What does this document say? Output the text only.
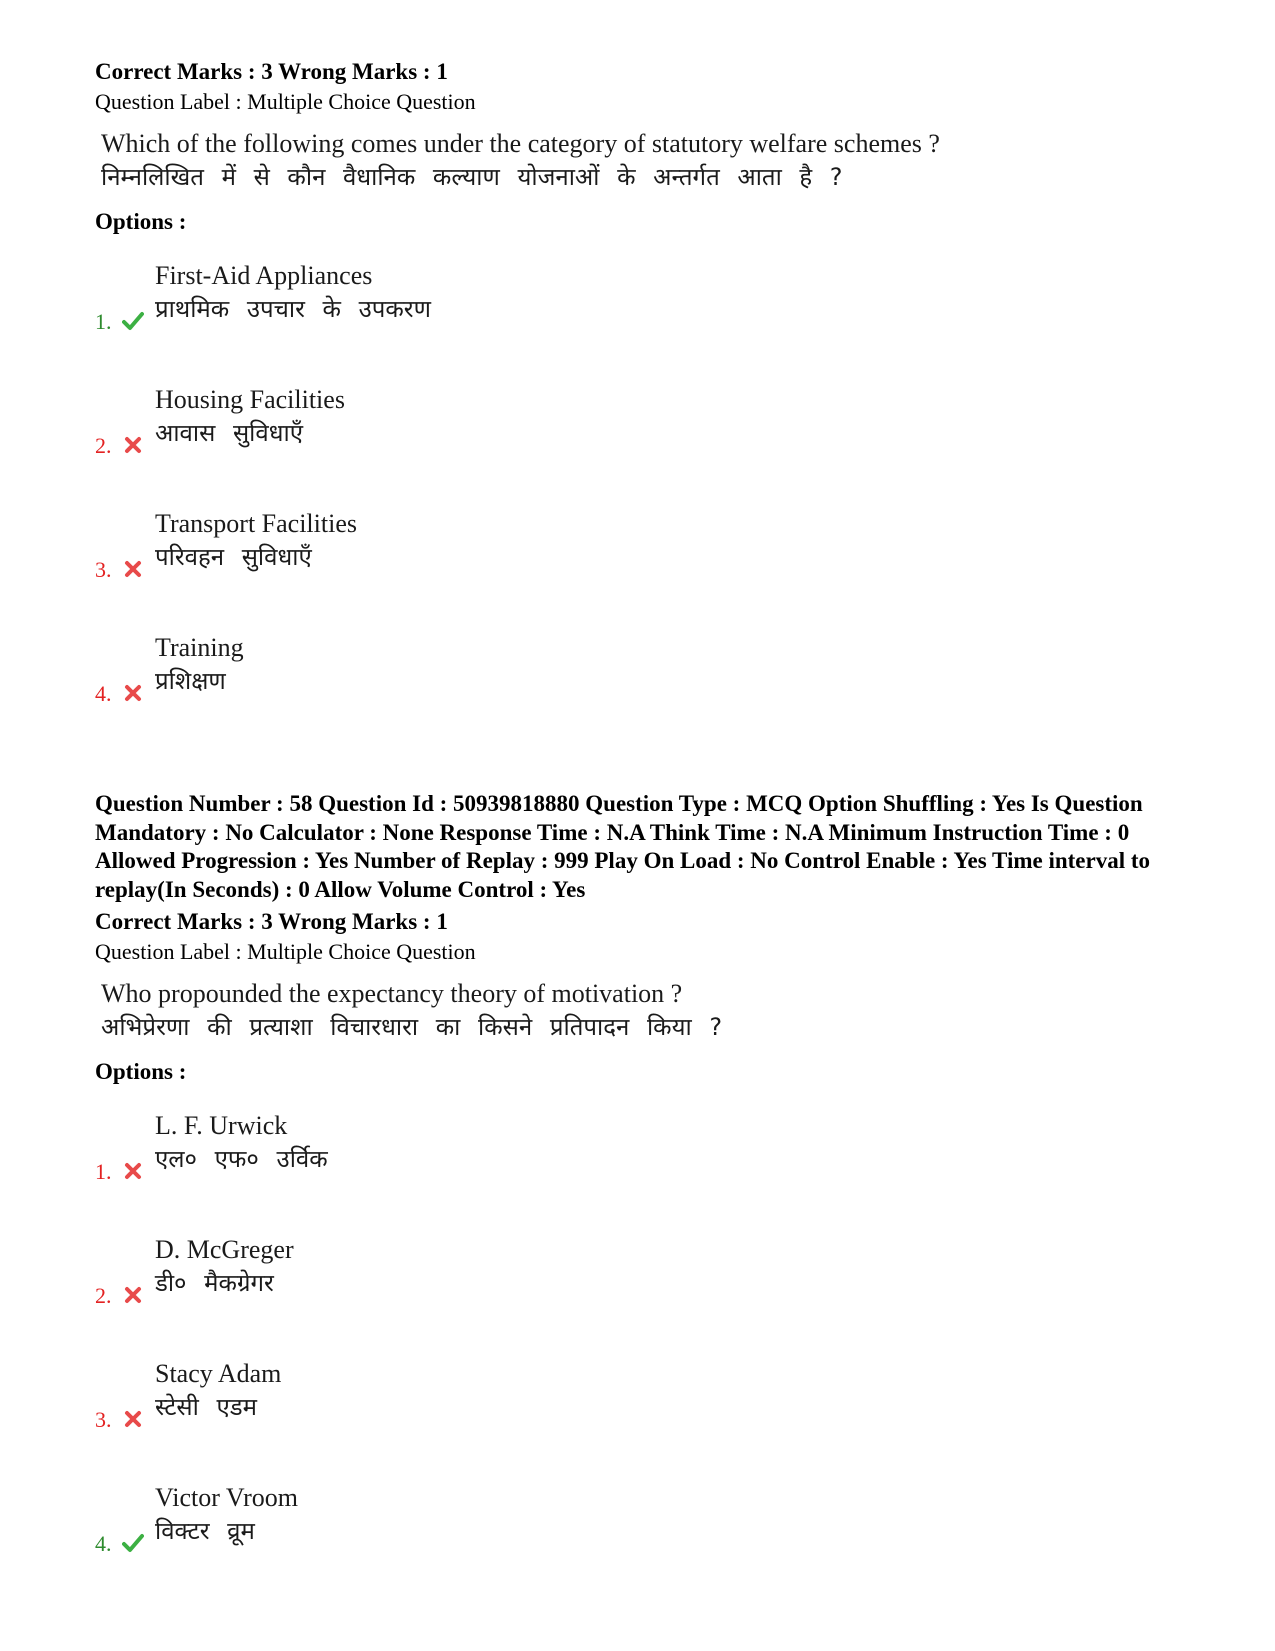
Correct Marks : 3 Wrong Marks : 1
Question Label : Multiple Choice Question
Which of the following comes under the category of statutory welfare schemes ?
निम्नलिखित में से कौन वैधानिक कल्याण योजनाओं के अन्तर्गत आता है ?
Options :
1.
First-Aid Appliances
प्राथमिक उपचार के उपकरण
2.
Housing Facilities
आवास सुविधाएँ
3.
Transport Facilities
परिवहन सुविधाएँ
4.
Training
प्रशिक्षण
Question Number : 58 Question Id : 50939818880 Question Type : MCQ Option Shuffling : Yes Is Question Mandatory : No Calculator : None Response Time : N.A Think Time : N.A Minimum Instruction Time : 0 Allowed Progression : Yes Number of Replay : 999 Play On Load : No Control Enable : Yes Time interval to replay(In Seconds) : 0 Allow Volume Control : Yes
Correct Marks : 3 Wrong Marks : 1
Question Label : Multiple Choice Question
Who propounded the expectancy theory of motivation ?
अभिप्रेरणा की प्रत्याशा विचारधारा का किसने प्रतिपादन किया ?
Options :
1.
L. F. Urwick
एल० एफ० उर्विक
2.
D. McGreger
डी० मैकग्रेगर
3.
Stacy Adam
स्टेसी एडम
4.
Victor Vroom
विक्टर व्रूम
